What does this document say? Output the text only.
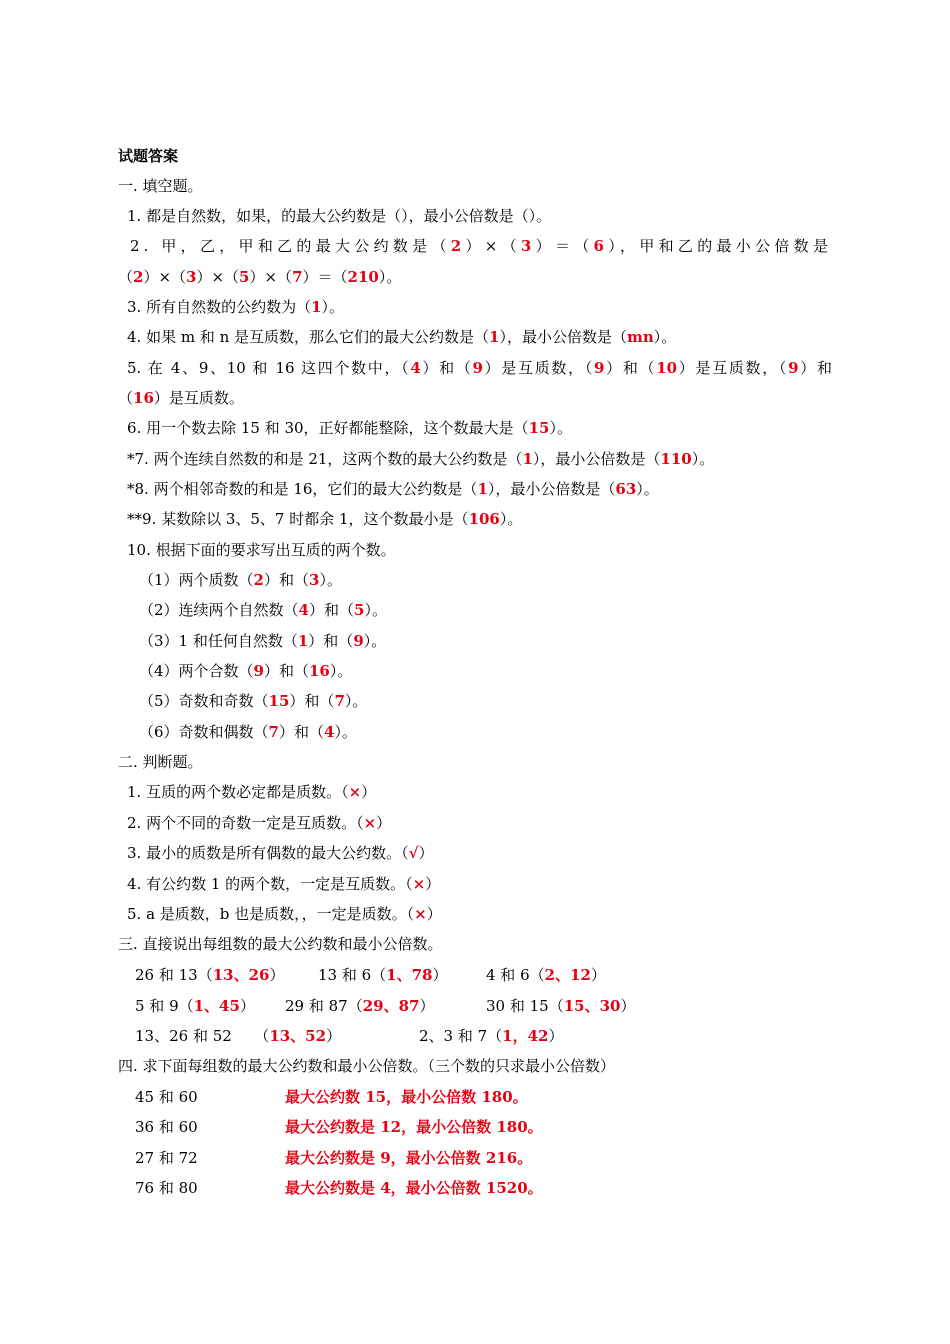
试题答案
一. 填空题。
1. 都是自然数，如果，的最大公约数是（），最小公倍数是（）。
2. 甲，乙，甲和乙的最大公约数是（2）×（3）＝（6），甲和乙的最小公倍数是
（2）×（3）×（5）×（7）＝（210）。
3. 所有自然数的公约数为（1）。
4. 如果 m 和 n 是互质数，那么它们的最大公约数是（1），最小公倍数是（mn）。
5. 在 4、9、10 和 16 这四个数中，（4）和（9）是互质数，（9）和（10）是互质数，（9）和
（16）是互质数。
6. 用一个数去除 15 和 30，正好都能整除，这个数最大是（15）。
*7. 两个连续自然数的和是 21，这两个数的最大公约数是（1），最小公倍数是（110）。
*8. 两个相邻奇数的和是 16，它们的最大公约数是（1），最小公倍数是（63）。
**9. 某数除以 3、5、7 时都余 1，这个数最小是（106）。
10. 根据下面的要求写出互质的两个数。
（1）两个质数（2）和（3）。
（2）连续两个自然数（4）和（5）。
（3）1 和任何自然数（1）和（9）。
（4）两个合数（9）和（16）。
（5）奇数和奇数（15）和（7）。
（6）奇数和偶数（7）和（4）。
二. 判断题。
1. 互质的两个数必定都是质数。（×）
2. 两个不同的奇数一定是互质数。（×）
3. 最小的质数是所有偶数的最大公约数。（√）
4. 有公约数 1 的两个数，一定是互质数。（×）
5. a 是质数，b 也是质数，，一定是质数。（×）
三. 直接说出每组数的最大公约数和最小公倍数。
26 和 13（13、26） 13 和 6（1、78）	4 和 6（2、12）
5 和 9（1、45） 29 和 87（29、87）	30 和 15（15、30）
13、26 和 52　　（13、52）	2、3 和 7（1，42）
四. 求下面每组数的最大公约数和最小公倍数。（三个数的只求最小公倍数）
45 和 60	最大公约数 15，最小公倍数 180。
36 和 60	最大公约数是 12，最小公倍数 180。
27 和 72	最大公约数是 9，最小公倍数 216。
76 和 80	最大公约数是 4，最小公倍数 1520。
